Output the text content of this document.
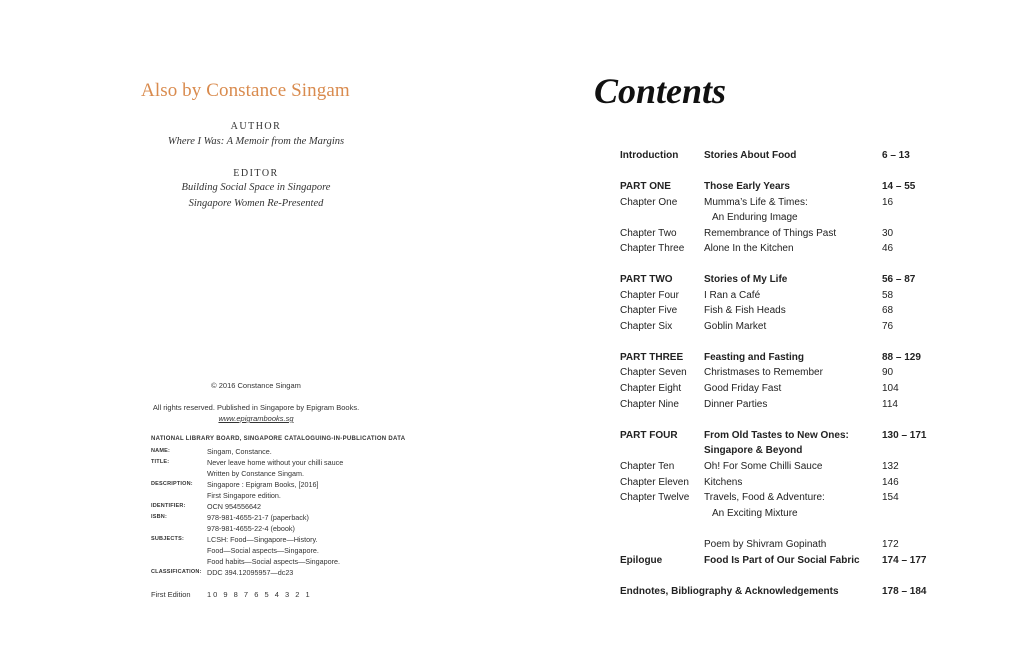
Also by Constance Singam
AUTHOR
Where I Was: A Memoir from the Margins
EDITOR
Building Social Space in Singapore
Singapore Women Re-Presented
© 2016 Constance Singam
All rights reserved. Published in Singapore by Epigram Books.
www.epigrambooks.sg
NATIONAL LIBRARY BOARD, SINGAPORE CATALOGUING-IN-PUBLICATION DATA
NAME:	Singam, Constance.
TITLE:	Never leave home without your chilli sauce
Written by Constance Singam.
DESCRIPTION: Singapore : Epigram Books, [2016]
First Singapore edition.
IDENTIFIER:	OCN 954556642
ISBN:	978-981-4655-21-7 (paperback)
978-981-4655-22-4 (ebook)
SUBJECTS:	LCSH: Food—Singapore—History.
Food—Social aspects—Singapore.
Food habits—Social aspects—Singapore.
CLASSIFICATION: DDC 394.12095957—dc23
First Edition 10 9 8 7 6 5 4 3 2 1
Contents
Introduction	Stories About Food	6 – 13
PART ONE	Those Early Years	14 – 55
Chapter One	Mumma’s Life & Times:	16
An Enduring Image
Chapter Two	Remembrance of Things Past	30
Chapter Three Alone In the Kitchen	46
PART TWO	Stories of My Life	56 – 87
Chapter Four	I Ran a Café	58
Chapter Five	Fish & Fish Heads	68
Chapter Six	Goblin Market	76
PART THREE Feasting and Fasting	88 – 129
Chapter Seven Christmases to Remember	90
Chapter Eight Good Friday Fast	104
Chapter Nine	Dinner Parties	114
PART FOUR	From Old Tastes to New Ones:	130 – 171
Singapore & Beyond
Chapter Ten	Oh! For Some Chilli Sauce	132
Chapter Eleven Kitchens	146
Chapter Twelve Travels, Food & Adventure:	154
An Exciting Mixture
Poem by Shivram Gopinath	172
Epilogue	Food Is Part of Our Social Fabric 174 – 177
Endnotes, Bibliography & Acknowledgements	178 – 184
